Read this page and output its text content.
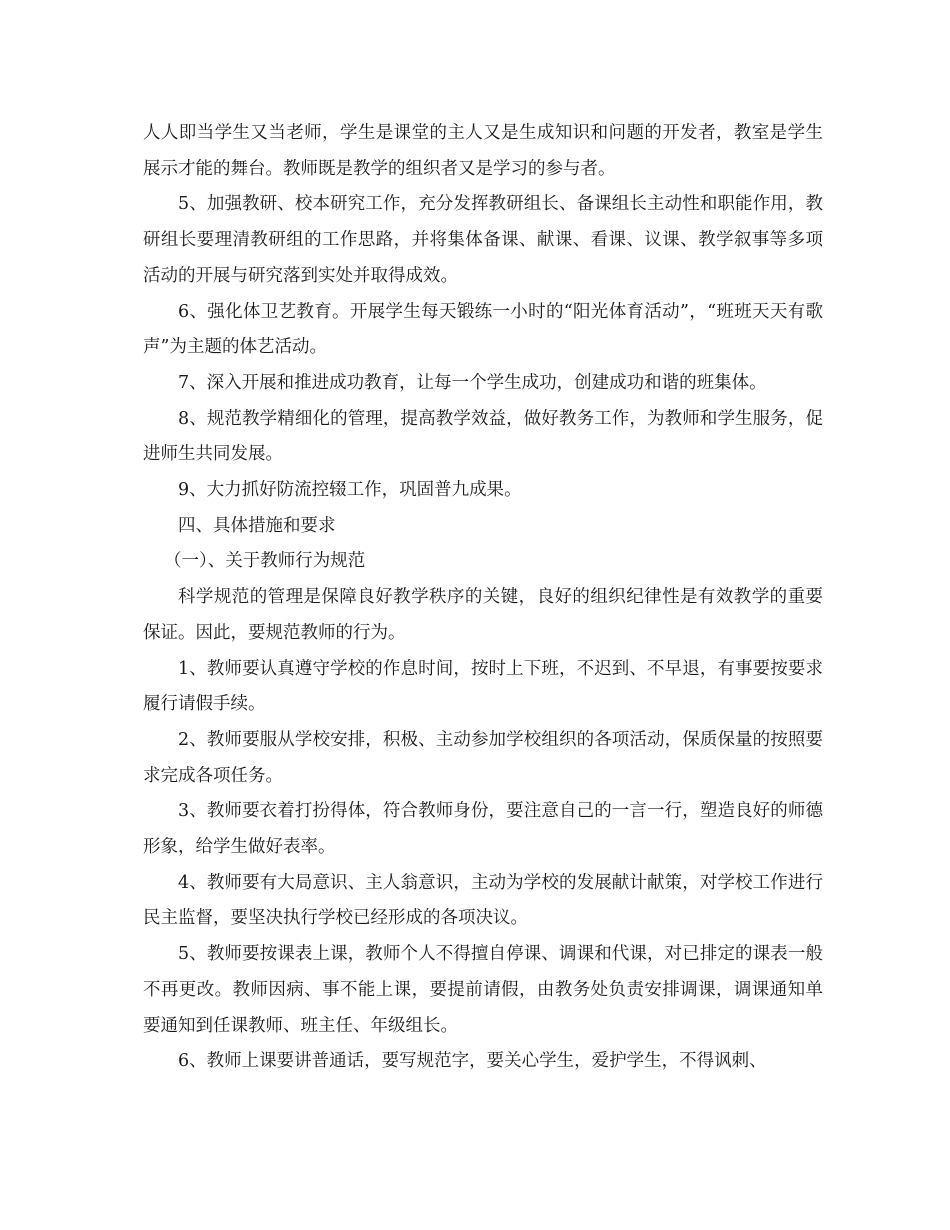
人人即当学生又当老师，学生是课堂的主人又是生成知识和问题的开发者，教室是学生展示才能的舞台。教师既是教学的组织者又是学习的参与者。

5、加强教研、校本研究工作，充分发挥教研组长、备课组长主动性和职能作用，教研组长要理清教研组的工作思路，并将集体备课、献课、看课、议课、教学叙事等多项活动的开展与研究落到实处并取得成效。

6、强化体卫艺教育。开展学生每天锻练一小时的“阳光体育活动”，“班班天天有歌声”为主题的体艺活动。

7、深入开展和推进成功教育，让每一个学生成功，创建成功和谐的班集体。

8、规范教学精细化的管理，提高教学效益，做好教务工作，为教师和学生服务，促进师生共同发展。

9、大力抓好防流控辍工作，巩固普九成果。

四、具体措施和要求

（一）、关于教师行为规范

科学规范的管理是保障良好教学秩序的关键，良好的组织纪律性是有效教学的重要保证。因此，要规范教师的行为。

1、教师要认真遵守学校的作息时间，按时上下班，不迟到、不早退，有事要按要求履行请假手续。

2、教师要服从学校安排，积极、主动参加学校组织的各项活动，保质保量的按照要求完成各项任务。

3、教师要衣着打扮得体，符合教师身份，要注意自己的一言一行，塑造良好的师德形象，给学生做好表率。

4、教师要有大局意识、主人翁意识，主动为学校的发展献计献策，对学校工作进行民主监督，要坚决执行学校已经形成的各项决议。

5、教师要按课表上课，教师个人不得擅自停课、调课和代课，对已排定的课表一般不再更改。教师因病、事不能上课，要提前请假，由教务处负责安排调课，调课通知单要通知到任课教师、班主任、年级组长。

6、教师上课要讲普通话，要写规范字，要关心学生，爱护学生，不得讽刺、
